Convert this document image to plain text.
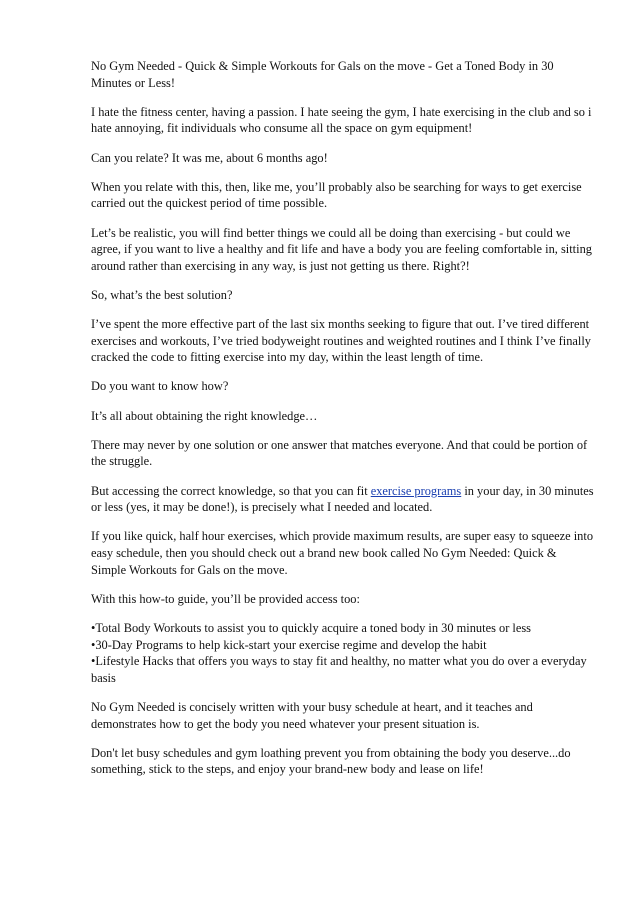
No Gym Needed - Quick & Simple Workouts for Gals on the move - Get a Toned Body in 30 Minutes or Less!

I hate the fitness center, having a passion. I hate seeing the gym, I hate exercising in the club and so i hate annoying, fit individuals who consume all the space on gym equipment!

Can you relate? It was me, about 6 months ago!

When you relate with this, then, like me, you’ll probably also be searching for ways to get exercise carried out the quickest period of time possible.

Let’s be realistic, you will find better things we could all be doing than exercising - but could we agree, if you want to live a healthy and fit life and have a body you are feeling comfortable in, sitting around rather than exercising in any way, is just not getting us there. Right?!

So, what’s the best solution?

I’ve spent the more effective part of the last six months seeking to figure that out. I’ve tired different exercises and workouts, I’ve tried bodyweight routines and weighted routines and I think I’ve finally cracked the code to fitting exercise into my day, within the least length of time.

Do you want to know how?

It’s all about obtaining the right knowledge…

There may never by one solution or one answer that matches everyone. And that could be portion of the struggle.

But accessing the correct knowledge, so that you can fit exercise programs in your day, in 30 minutes or less (yes, it may be done!), is precisely what I needed and located.

If you like quick, half hour exercises, which provide maximum results, are super easy to squeeze into easy schedule, then you should check out a brand new book called No Gym Needed: Quick & Simple Workouts for Gals on the move.

With this how-to guide, you’ll be provided access too:

•Total Body Workouts to assist you to quickly acquire a toned body in 30 minutes or less

•30-Day Programs to help kick-start your exercise regime and develop the habit

•Lifestyle Hacks that offers you ways to stay fit and healthy, no matter what you do over a everyday basis

No Gym Needed is concisely written with your busy schedule at heart, and it teaches and demonstrates how to get the body you need whatever your present situation is.

Don't let busy schedules and gym loathing prevent you from obtaining the body you deserve...do something, stick to the steps, and enjoy your brand-new body and lease on life!
